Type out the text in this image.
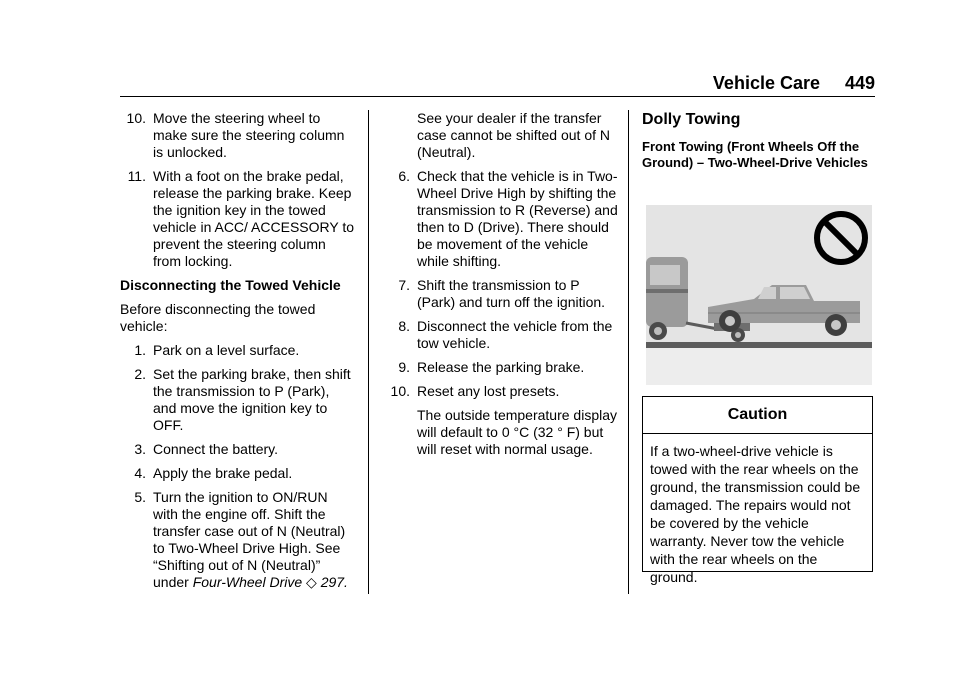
Vehicle Care 449
10. Move the steering wheel to make sure the steering column is unlocked.
11. With a foot on the brake pedal, release the parking brake. Keep the ignition key in the towed vehicle in ACC/ ACCESSORY to prevent the steering column from locking.
Disconnecting the Towed Vehicle
Before disconnecting the towed vehicle:
1. Park on a level surface.
2. Set the parking brake, then shift the transmission to P (Park), and move the ignition key to OFF.
3. Connect the battery.
4. Apply the brake pedal.
5. Turn the ignition to ON/RUN with the engine off. Shift the transfer case out of N (Neutral) to Two-Wheel Drive High. See “Shifting out of N (Neutral)” under Four-Wheel Drive ◇ 297.
See your dealer if the transfer case cannot be shifted out of N (Neutral).
6. Check that the vehicle is in Two-Wheel Drive High by shifting the transmission to R (Reverse) and then to D (Drive). There should be movement of the vehicle while shifting.
7. Shift the transmission to P (Park) and turn off the ignition.
8. Disconnect the vehicle from the tow vehicle.
9. Release the parking brake.
10. Reset any lost presets.
The outside temperature display will default to 0 °C (32 ° F) but will reset with normal usage.
Dolly Towing
Front Towing (Front Wheels Off the Ground) – Two-Wheel-Drive Vehicles
Caution
If a two-wheel-drive vehicle is towed with the rear wheels on the ground, the transmission could be damaged. The repairs would not be covered by the vehicle warranty. Never tow the vehicle with the rear wheels on the ground.
